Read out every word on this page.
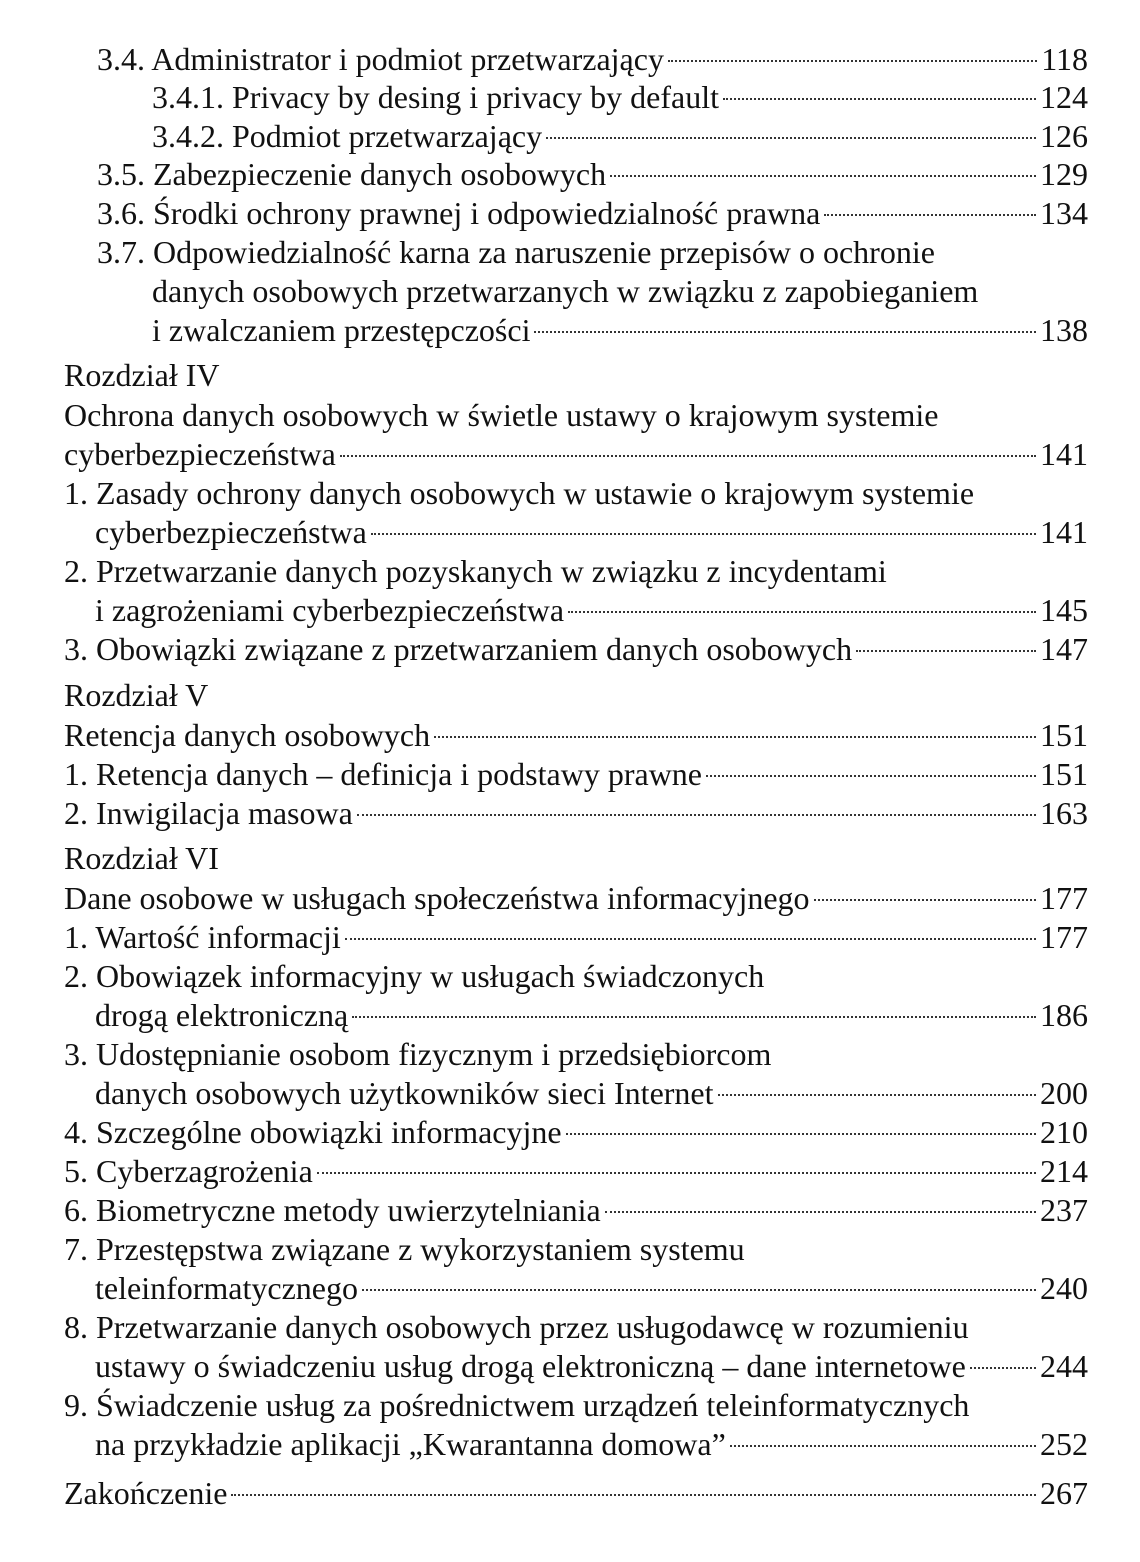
3.4. Administrator i podmiot przetwarzający	118
3.4.1. Privacy by desing i privacy by default	124
3.4.2. Podmiot przetwarzający	126
3.5. Zabezpieczenie danych osobowych	129
3.6. Środki ochrony prawnej i odpowiedzialność prawna	134
3.7. Odpowiedzialność karna za naruszenie przepisów o ochronie
danych osobowych przetwarzanych w związku z zapobieganiem
i zwalczaniem przestępczości	138
Rozdział IV
Ochrona danych osobowych w świetle ustawy o krajowym systemie
cyberbezpieczeństwa	141
1. Zasady ochrony danych osobowych w ustawie o krajowym systemie
cyberbezpieczeństwa	141
2. Przetwarzanie danych pozyskanych w związku z incydentami
i zagrożeniami cyberbezpieczeństwa	145
3. Obowiązki związane z przetwarzaniem danych osobowych	147
Rozdział V
Retencja danych osobowych	151
1. Retencja danych – definicja i podstawy prawne	151
2. Inwigilacja masowa	163
Rozdział VI
Dane osobowe w usługach społeczeństwa informacyjnego	177
1. Wartość informacji	177
2. Obowiązek informacyjny w usługach świadczonych
drogą elektroniczną	186
3. Udostępnianie osobom fizycznym i przedsiębiorcom
danych osobowych użytkowników sieci Internet	200
4. Szczególne obowiązki informacyjne	210
5. Cyberzagrożenia	214
6. Biometryczne metody uwierzytelniania	237
7. Przestępstwa związane z wykorzystaniem systemu
teleinformatycznego	240
8. Przetwarzanie danych osobowych przez usługodawcę w rozumieniu
ustawy o świadczeniu usług drogą elektroniczną – dane internetowe 244
9. Świadczenie usług za pośrednictwem urządzeń teleinformatycznych
na przykładzie aplikacji „Kwarantanna domowa”	252
Zakończenie	267
